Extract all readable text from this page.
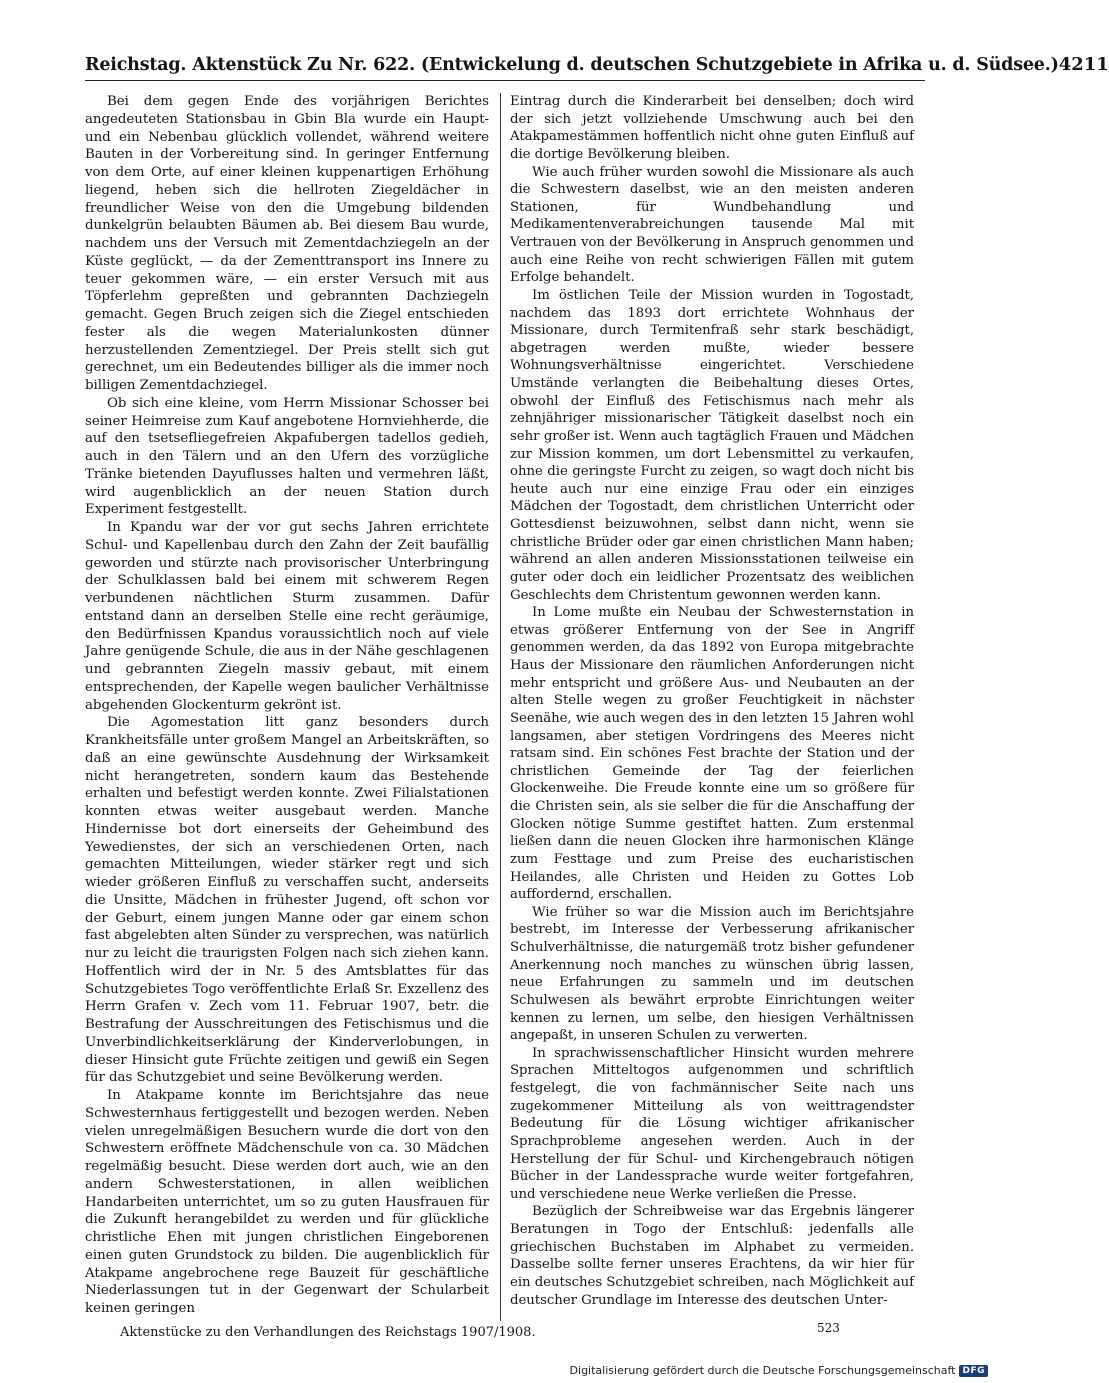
Reichstag. Aktenstück Zu Nr. 622. (Entwickelung d. deutschen Schutzgebiete in Afrika u. d. Südsee.) 4211

Bei dem gegen Ende des vorjährigen Berichtes angedeuteten Stationsbau in Gbin Bla wurde ein Haupt- und ein Nebenbau glücklich vollendet, während weitere Bauten in der Vorbereitung sind. In geringer Entfernung von dem Orte, auf einer kleinen kuppenartigen Erhöhung liegend, heben sich die hellroten Ziegeldächer in freundlicher Weise von den die Umgebung bildenden dunkelgrün belaubten Bäumen ab. Bei diesem Bau wurde, nachdem uns der Versuch mit Zementdachziegeln an der Küste geglückt, — da der Zementtransport ins Innere zu teuer gekommen wäre, — ein erster Versuch mit aus Töpferlehm gepreßten und gebrannten Dachziegeln gemacht. Gegen Bruch zeigen sich die Ziegel entschieden fester als die wegen Materialunkosten dünner herzustellenden Zementziegel. Der Preis stellt sich gut gerechnet, um ein Bedeutendes billiger als die immer noch billigen Zementdachziegel.

Ob sich eine kleine, vom Herrn Missionar Schosser bei seiner Heimreise zum Kauf angebotene Hornviehherde, die auf den tsetsefliegefreien Akpafubergen tadellos gedieh, auch in den Tälern und an den Ufern des vorzügliche Tränke bietenden Dayuflusses halten und vermehren läßt, wird augenblicklich an der neuen Station durch Experiment festgestellt.

In Kpandu war der vor gut sechs Jahren errichtete Schul- und Kapellenbau durch den Zahn der Zeit baufällig geworden und stürzte nach provisorischer Unterbringung der Schulklassen bald bei einem mit schwerem Regen verbundenen nächtlichen Sturm zusammen. Dafür entstand dann an derselben Stelle eine recht geräumige, den Bedürfnissen Kpandus voraussichtlich noch auf viele Jahre genügende Schule, die aus in der Nähe geschlagenen und gebrannten Ziegeln massiv gebaut, mit einem entsprechenden, der Kapelle wegen baulicher Verhältnisse abgehenden Glockenturm gekrönt ist.

Die Agomestation litt ganz besonders durch Krankheitsfälle unter großem Mangel an Arbeitskräften, so daß an eine gewünschte Ausdehnung der Wirksamkeit nicht herangetreten, sondern kaum das Bestehende erhalten und befestigt werden konnte. Zwei Filialstationen konnten etwas weiter ausgebaut werden. Manche Hindernisse bot dort einerseits der Geheimbund des Yewedienstes, der sich an verschiedenen Orten, nach gemachten Mitteilungen, wieder stärker regt und sich wieder größeren Einfluß zu verschaffen sucht, anderseits die Unsitte, Mädchen in frühester Jugend, oft schon vor der Geburt, einem jungen Manne oder gar einem schon fast abgelebten alten Sünder zu versprechen, was natürlich nur zu leicht die traurigsten Folgen nach sich ziehen kann. Hoffentlich wird der in Nr. 5 des Amtsblattes für das Schutzgebietes Togo veröffentlichte Erlaß Sr. Exzellenz des Herrn Grafen v. Zech vom 11. Februar 1907, betr. die Bestrafung der Ausschreitungen des Fetischismus und die Unverbindlichkeitserklärung der Kinderverlobungen, in dieser Hinsicht gute Früchte zeitigen und gewiß ein Segen für das Schutzgebiet und seine Bevölkerung werden.

In Atakpame konnte im Berichtsjahre das neue Schwesternhaus fertiggestellt und bezogen werden. Neben vielen unregelmäßigen Besuchern wurde die dort von den Schwestern eröffnete Mädchenschule von ca. 30 Mädchen regelmäßig besucht. Diese werden dort auch, wie an den andern Schwesterstationen, in allen weiblichen Handarbeiten unterrichtet, um so zu guten Hausfrauen für die Zukunft herangebildet zu werden und für glückliche christliche Ehen mit jungen christlichen Eingeborenen einen guten Grundstock zu bilden. Die augenblicklich für Atakpame angebrochene rege Bauzeit für geschäftliche Niederlassungen tut in der Gegenwart der Schularbeit keinen geringen

Eintrag durch die Kinderarbeit bei denselben; doch wird der sich jetzt vollziehende Umschwung auch bei den Atakpamestämmen hoffentlich nicht ohne guten Einfluß auf die dortige Bevölkerung bleiben.

Wie auch früher wurden sowohl die Missionare als auch die Schwestern daselbst, wie an den meisten anderen Stationen, für Wundbehandlung und Medikamentenverabreichungen tausende Mal mit Vertrauen von der Bevölkerung in Anspruch genommen und auch eine Reihe von recht schwierigen Fällen mit gutem Erfolge behandelt.

Im östlichen Teile der Mission wurden in Togostadt, nachdem das 1893 dort errichtete Wohnhaus der Missionare, durch Termitenfraß sehr stark beschädigt, abgetragen werden mußte, wieder bessere Wohnungsverhältnisse eingerichtet. Verschiedene Umstände verlangten die Beibehaltung dieses Ortes, obwohl der Einfluß des Fetischismus nach mehr als zehnjähriger missionarischer Tätigkeit daselbst noch ein sehr großer ist. Wenn auch tagtäglich Frauen und Mädchen zur Mission kommen, um dort Lebensmittel zu verkaufen, ohne die geringste Furcht zu zeigen, so wagt doch nicht bis heute auch nur eine einzige Frau oder ein einziges Mädchen der Togostadt, dem christlichen Unterricht oder Gottesdienst beizuwohnen, selbst dann nicht, wenn sie christliche Brüder oder gar einen christlichen Mann haben; während an allen anderen Missionsstationen teilweise ein guter oder doch ein leidlicher Prozentsatz des weiblichen Geschlechts dem Christentum gewonnen werden kann.

In Lome mußte ein Neubau der Schwesternstation in etwas größerer Entfernung von der See in Angriff genommen werden, da das 1892 von Europa mitgebrachte Haus der Missionare den räumlichen Anforderungen nicht mehr entspricht und größere Aus- und Neubauten an der alten Stelle wegen zu großer Feuchtigkeit in nächster Seenähe, wie auch wegen des in den letzten 15 Jahren wohl langsamen, aber stetigen Vordringens des Meeres nicht ratsam sind. Ein schönes Fest brachte der Station und der christlichen Gemeinde der Tag der feierlichen Glockenweihe. Die Freude konnte eine um so größere für die Christen sein, als sie selber die für die Anschaffung der Glocken nötige Summe gestiftet hatten. Zum erstenmal ließen dann die neuen Glocken ihre harmonischen Klänge zum Festtage und zum Preise des eucharistischen Heilandes, alle Christen und Heiden zu Gottes Lob auffordernd, erschallen.

Wie früher so war die Mission auch im Berichtsjahre bestrebt, im Interesse der Verbesserung afrikanischer Schulverhältnisse, die naturgemäß trotz bisher gefundener Anerkennung noch manches zu wünschen übrig lassen, neue Erfahrungen zu sammeln und im deutschen Schulwesen als bewährt erprobte Einrichtungen weiter kennen zu lernen, um selbe, den hiesigen Verhältnissen angepaßt, in unseren Schulen zu verwerten.

In sprachwissenschaftlicher Hinsicht wurden mehrere Sprachen Mitteltogos aufgenommen und schriftlich festgelegt, die von fachmännischer Seite nach uns zugekommener Mitteilung als von weittragendster Bedeutung für die Lösung wichtiger afrikanischer Sprachprobleme angesehen werden. Auch in der Herstellung der für Schul- und Kirchengebrauch nötigen Bücher in der Landessprache wurde weiter fortgefahren, und verschiedene neue Werke verließen die Presse.

Bezüglich der Schreibweise war das Ergebnis längerer Beratungen in Togo der Entschluß: jedenfalls alle griechischen Buchstaben im Alphabet zu vermeiden. Dasselbe sollte ferner unseres Erachtens, da wir hier für ein deutsches Schutzgebiet schreiben, nach Möglichkeit auf deutscher Grundlage im Interesse des deutschen Unter-

Aktenstücke zu den Verhandlungen des Reichstags 1907/1908.	523
Digitalisierung gefördert durch die Deutsche Forschungsgemeinschaft DFG
